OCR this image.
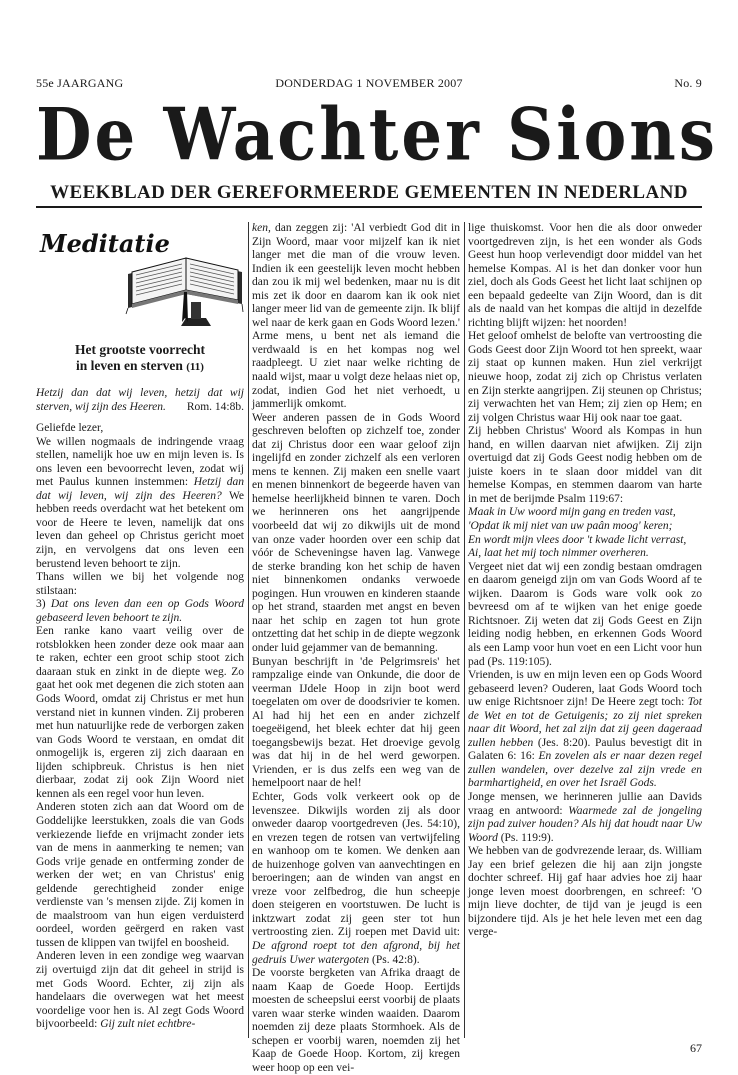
55e JAARGANG	DONDERDAG 1 NOVEMBER 2007	No. 9
De Wachter Sions
WEEKBLAD DER GEREFORMEERDE GEMEENTEN IN NEDERLAND
Meditatie
Het grootste voorrecht
in leven en sterven (11)

Hetzij dan dat wij leven, hetzij dat wij sterven, wij zijn des Heeren. Rom. 14:8b.

Geliefde lezer,

We willen nogmaals de indringende vraag stellen, namelijk hoe uw en mijn leven is. Is ons leven een bevoorrecht leven, zodat wij met Paulus kunnen instemmen: Hetzij dan dat wij leven, wij zijn des Heeren? We hebben reeds overdacht wat het betekent om voor de Heere te leven, namelijk dat ons leven dan geheel op Christus gericht moet zijn, en vervolgens dat ons leven een berustend leven behoort te zijn.

Thans willen we bij het volgende nog stilstaan:

3) Dat ons leven dan een op Gods Woord gebaseerd leven behoort te zijn.

Een ranke kano vaart veilig over de rotsblokken heen zonder deze ook maar aan te raken, echter een groot schip stoot zich daaraan stuk en zinkt in de diepte weg. Zo gaat het ook met degenen die zich stoten aan Gods Woord, omdat zij Christus er met hun verstand niet in kunnen vinden. Zij proberen met hun natuurlijke rede de verborgen zaken van Gods Woord te verstaan, en omdat dit onmogelijk is, ergeren zij zich daaraan en lijden schipbreuk. Christus is hen niet dierbaar, zodat zij ook Zijn Woord niet kennen als een regel voor hun leven.

Anderen stoten zich aan dat Woord om de Goddelijke leerstukken, zoals die van Gods verkiezende liefde en vrijmacht zonder iets van de mens in aanmerking te nemen; van Gods vrije genade en ontferming zonder de werken der wet; en van Christus' enig geldende gerechtigheid zonder enige verdienste van 's mensen zijde. Zij komen in de maalstroom van hun eigen verduisterd oordeel, worden geërgerd en raken vast tussen de klippen van twijfel en boosheid.

Anderen leven in een zondige weg waarvan zij overtuigd zijn dat dit geheel in strijd is met Gods Woord. Echter, zij zijn als handelaars die overwegen wat het meest voordelige voor hen is. Al zegt Gods Woord bijvoorbeeld: Gij zult niet echtbre-

ken, dan zeggen zij: 'Al verbiedt God dit in Zijn Woord, maar voor mijzelf kan ik niet langer met die man of die vrouw leven. Indien ik een geestelijk leven mocht hebben dan zou ik mij wel bedenken, maar nu is dit mis zet ik door en daarom kan ik ook niet langer meer lid van de gemeente zijn. Ik blijf wel naar de kerk gaan en Gods Woord lezen.' Arme mens, u bent net als iemand die verdwaald is en het kompas nog wel raadpleegt. U ziet naar welke richting de naald wijst, maar u volgt deze helaas niet op, zodat, indien God het niet verhoedt, u jammerlijk omkomt.

Weer anderen passen de in Gods Woord geschreven beloften op zichzelf toe, zonder dat zij Christus door een waar geloof zijn ingelijfd en zonder zichzelf als een verloren mens te kennen. Zij maken een snelle vaart en menen binnenkort de begeerde haven van hemelse heerlijkheid binnen te varen. Doch we herinneren ons het aangrijpende voorbeeld dat wij zo dikwijls uit de mond van onze vader hoorden over een schip dat vóór de Scheveningse haven lag. Vanwege de sterke branding kon het schip de haven niet binnenkomen ondanks verwoede pogingen. Hun vrouwen en kinderen staande op het strand, staarden met angst en beven naar het schip en zagen tot hun grote ontzetting dat het schip in de diepte wegzonk onder luid gejammer van de bemanning.

Bunyan beschrijft in 'de Pelgrimsreis' het rampzalige einde van Onkunde, die door de veerman IJdele Hoop in zijn boot werd toegelaten om over de doodsrivier te komen. Al had hij het een en ander zichzelf toegeëigend, het bleek echter dat hij geen toegangsbewijs bezat. Het droevige gevolg was dat hij in de hel werd geworpen. Vrienden, er is dus zelfs een weg van de hemelpoort naar de hel!

Echter, Gods volk verkeert ook op de levenszee. Dikwijls worden zij als door onweder daarop voortgedreven (Jes. 54:10), en vrezen tegen de rotsen van vertwijfeling en wanhoop om te komen. We denken aan de huizenhoge golven van aanvechtingen en beroeringen; aan de winden van angst en vreze voor zelfbedrog, die hun scheepje doen steigeren en voortstuwen. De lucht is inktzwart zodat zij geen ster tot hun vertroosting zien. Zij roepen met David uit: De afgrond roept tot den afgrond, bij het gedruis Uwer watergoten (Ps. 42:8).

De voorste bergketen van Afrika draagt de naam Kaap de Goede Hoop. Eertijds moesten de scheepslui eerst voorbij de plaats varen waar sterke winden waaiden. Daarom noemden zij deze plaats Stormhoek. Als de schepen er voorbij waren, noemden zij het Kaap de Goede Hoop. Kortom, zij kregen weer hoop op een vei-

lige thuiskomst. Voor hen die als door onweder voortgedreven zijn, is het een wonder als Gods Geest hun hoop verlevendigt door middel van het hemelse Kompas. Al is het dan donker voor hun ziel, doch als Gods Geest het licht laat schijnen op een bepaald gedeelte van Zijn Woord, dan is dit als de naald van het kompas die altijd in dezelfde richting blijft wijzen: het noorden!

Het geloof omhelst de belofte van vertroosting die Gods Geest door Zijn Woord tot hen spreekt, waar zij staat op kunnen maken. Hun ziel verkrijgt nieuwe hoop, zodat zij zich op Christus verlaten en Zijn sterkte aangrijpen. Zij steunen op Christus; zij verwachten het van Hem; zij zien op Hem; en zij volgen Christus waar Hij ook naar toe gaat.

Zij hebben Christus' Woord als Kompas in hun hand, en willen daarvan niet afwijken. Zij zijn overtuigd dat zij Gods Geest nodig hebben om de juiste koers in te slaan door middel van dit hemelse Kompas, en stemmen daarom van harte in met de berijmde Psalm 119:67:

Maak in Uw woord mijn gang en treden vast,

'Opdat ik mij niet van uw paân moog' keren;

En wordt mijn vlees door 't kwade licht verrast,

Ai, laat het mij toch nimmer overheren.

Vergeet niet dat wij een zondig bestaan omdragen en daarom geneigd zijn om van Gods Woord af te wijken. Daarom is Gods ware volk ook zo bevreesd om af te wijken van het enige goede Richtsnoer. Zij weten dat zij Gods Geest en Zijn leiding nodig hebben, en erkennen Gods Woord als een Lamp voor hun voet en een Licht voor hun pad (Ps. 119:105).

Vrienden, is uw en mijn leven een op Gods Woord gebaseerd leven? Ouderen, laat Gods Woord toch uw enige Richtsnoer zijn! De Heere zegt toch: Tot de Wet en tot de Getuigenis; zo zij niet spreken naar dit Woord, het zal zijn dat zij geen dageraad zullen hebben (Jes. 8:20). Paulus bevestigt dit in Galaten 6: 16: En zovelen als er naar dezen regel zullen wandelen, over dezelve zal zijn vrede en barmhartigheid, en over het Israël Gods.

Jonge mensen, we herinneren jullie aan Davids vraag en antwoord: Waarmede zal de jongeling zijn pad zuiver houden? Als hij dat houdt naar Uw Woord (Ps. 119:9).

We hebben van de godvrezende leraar, ds. William Jay een brief gelezen die hij aan zijn jongste dochter schreef. Hij gaf haar advies hoe zij haar jonge leven moest doorbrengen, en schreef: 'O mijn lieve dochter, de tijd van je jeugd is een bijzondere tijd. Als je het hele leven met een dag verge-

67
